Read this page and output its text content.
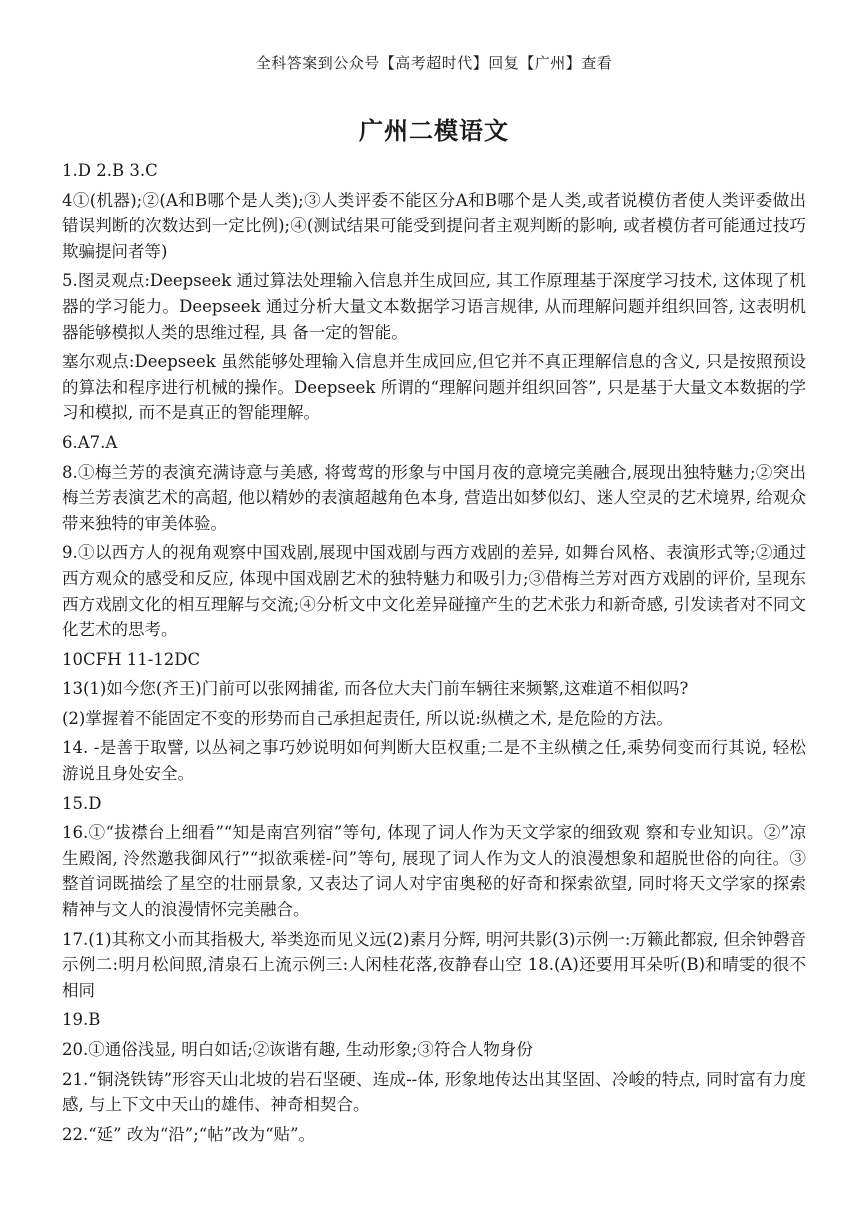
全科答案到公众号【高考超时代】回复【广州】查看
广州二模语文

1.D 2.B 3.C

4①(机器);②(A和B哪个是人类);③人类评委不能区分A和B哪个是人类,或者说模仿者使人类评委做出错误判断的次数达到一定比例);④(测试结果可能受到提问者主观判断的影响, 或者模仿者可能通过技巧欺骗提问者等)

5.图灵观点:Deepseek 通过算法处理输入信息并生成回应, 其工作原理基于深度学习技术, 这体现了机器的学习能力。Deepseek 通过分析大量文本数据学习语言规律, 从而理解问题并组织回答, 这表明机器能够模拟人类的思维过程, 具 备一定的智能。

塞尔观点:Deepseek 虽然能够处理输入信息并生成回应,但它并不真正理解信息的含义, 只是按照预设的算法和程序进行机械的操作。Deepseek 所谓的“理解问题并组织回答”, 只是基于大量文本数据的学习和模拟, 而不是真正的智能理解。

6.A7.A

8.①梅兰芳的表演充满诗意与美感, 将莺莺的形象与中国月夜的意境完美融合,展现出独特魅力;②突出梅兰芳表演艺术的高超, 他以精妙的表演超越角色本身, 营造出如梦似幻、迷人空灵的艺术境界, 给观众带来独特的审美体验。

9.①以西方人的视角观察中国戏剧,展现中国戏剧与西方戏剧的差异, 如舞台风格、表演形式等;②通过西方观众的感受和反应, 体现中国戏剧艺术的独特魅力和吸引力;③借梅兰芳对西方戏剧的评价, 呈现东西方戏剧文化的相互理解与交流;④分析文中文化差异碰撞产生的艺术张力和新奇感, 引发读者对不同文化艺术的思考。

10CFH 11-12DC

13(1)如今您(齐王)门前可以张网捕雀, 而各位大夫门前车辆往来频繁,这难道不相似吗?

(2)掌握着不能固定不变的形势而自己承担起责任, 所以说:纵横之术, 是危险的方法。

14. -是善于取譬, 以丛祠之事巧妙说明如何判断大臣权重;二是不主纵横之任,乘势伺变而行其说, 轻松游说且身处安全。

15.D

16.①“拔襟台上细看”“知是南宫列宿”等句, 体现了词人作为天文学家的细致观 察和专业知识。②”凉生殿阁, 泠然邀我御风行”“拟欲乘槎-问”等句, 展现了词人作为文人的浪漫想象和超脱世俗的向往。③整首词既描绘了星空的壮丽景象, 又表达了词人对宇宙奥秘的好奇和探索欲望, 同时将天文学家的探索精神与文人的浪漫情怀完美融合。

17.(1)其称文小而其指极大, 举类迩而见义远(2)素月分辉, 明河共影(3)示例一:万籁此都寂, 但余钟磬音示例二:明月松间照,清泉石上流示例三:人闲桂花落,夜静春山空 18.(A)还要用耳朵听(B)和晴雯的很不相同

19.B

20.①通俗浅显, 明白如话;②诙谐有趣, 生动形象;③符合人物身份

21.“铜浇铁铸”形容天山北坡的岩石坚硬、连成--体, 形象地传达出其坚固、冷峻的特点, 同时富有力度感, 与上下文中天山的雄伟、神奇相契合。

22.“延” 改为“沿”;“帖”改为“贴”。
